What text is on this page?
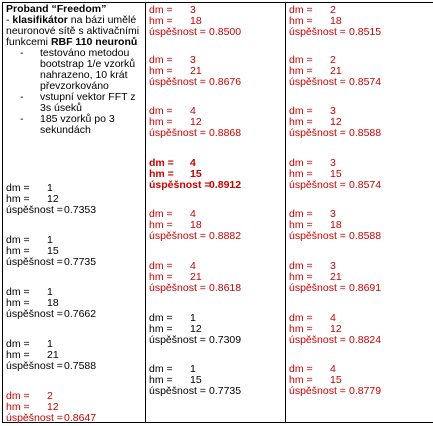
Proband “Freedom”
- klasifikátor na bázi umělé neuronové sítě s aktivačními funkcemi RBF 110 neuronů
- testováno metodou bootstrap 1/e vzorků nahrazeno, 10 krát převzorkováno
- vstupní vektor FFT z 3s úseků
- 185 vzorků po 3 sekundách
dm = 1
hm = 12
úspěšnost =0.7353
dm = 1
hm = 15
úspěšnost =0.7735
dm = 1
hm = 18
úspěšnost =0.7662
dm = 1
hm = 21
úspěšnost =0.7588
dm = 2
hm = 12
úspěšnost =0.8647

dm = 3
hm = 18
úspěšnost = 0.8500
dm = 3
hm = 21
úspěšnost = 0.8676
dm = 4
hm = 12
úspěšnost = 0.8868
dm = 4
hm = 15
úspěšnost =0.8912
dm = 4
hm = 18
úspěšnost = 0.8882
dm = 4
hm = 21
úspěšnost = 0.8618
dm = 1
hm = 12
úspěšnost = 0.7309
dm = 1
hm = 15
úspěšnost = 0.7735

dm = 2
hm = 18
úspěšnost = 0.8515
dm = 2
hm = 21
úspěšnost = 0.8574
dm = 3
hm = 12
úspěšnost = 0.8588
dm = 3
hm = 15
úspěšnost = 0.8574
dm = 3
hm = 18
úspěšnost = 0.8588
dm = 3
hm = 21
úspěšnost = 0.8691
dm = 4
hm = 12
úspěšnost = 0.8824
dm = 4
hm = 15
úspěšnost = 0.8779
